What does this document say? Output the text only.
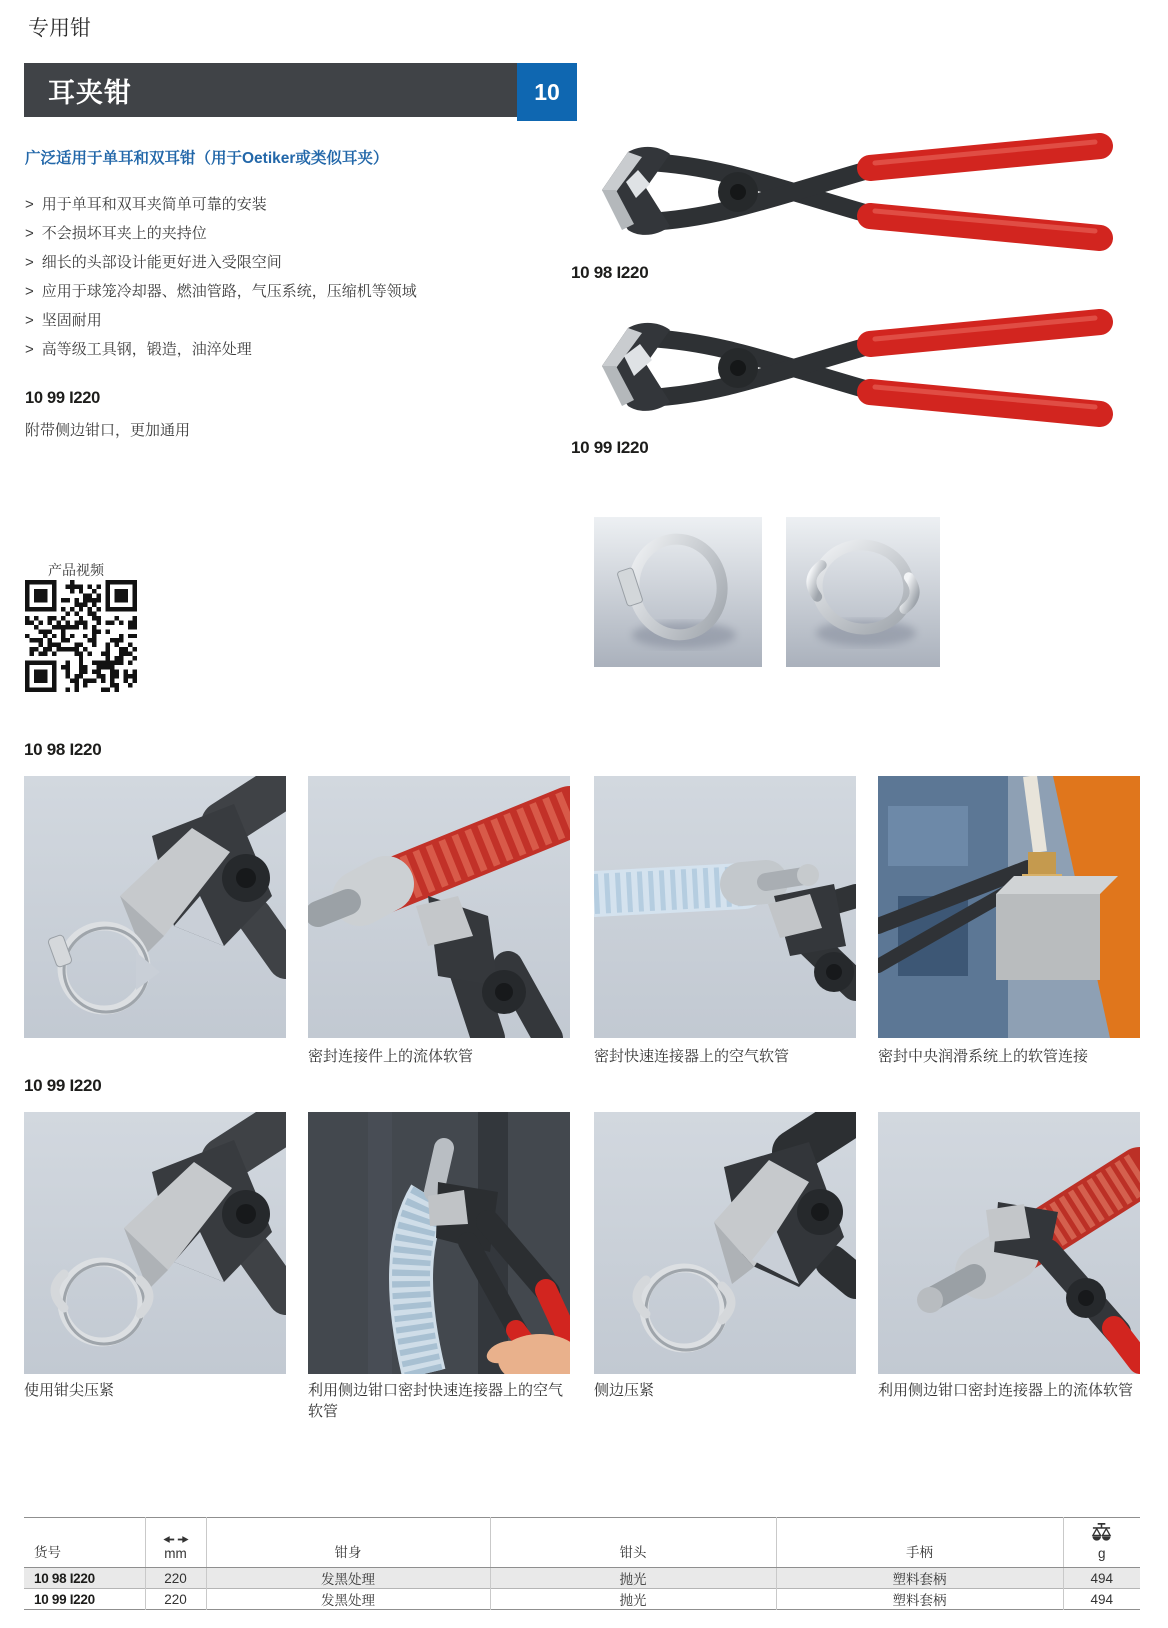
专用钳
耳夹钳	10
广泛适用于单耳和双耳钳（用于Oetiker或类似耳夹）
> 用于单耳和双耳夹简单可靠的安装
> 不会损坏耳夹上的夹持位
> 细长的头部设计能更好进入受限空间
> 应用于球笼冷却器、燃油管路，气压系统，压缩机等领域
> 坚固耐用
> 高等级工具钢，锻造，油淬处理
10 99 I220
附带侧边钳口，更加通用
产品视频
10 98 I220
10 99 I220
10 98 I220
密封连接件上的流体软管	密封快速连接器上的空气软管	密封中央润滑系统上的软管连接
10 99 I220
使用钳尖压紧	利用侧边钳口密封快速连接器上的空气软管
侧边压紧	利用侧边钳口密封连接器上的流体软管
货号	mm	钳身	钳头	手柄	g

10 98 I220	220	发黑处理	抛光	塑料套柄	494
10 99 I220	220	发黑处理	抛光	塑料套柄	494
